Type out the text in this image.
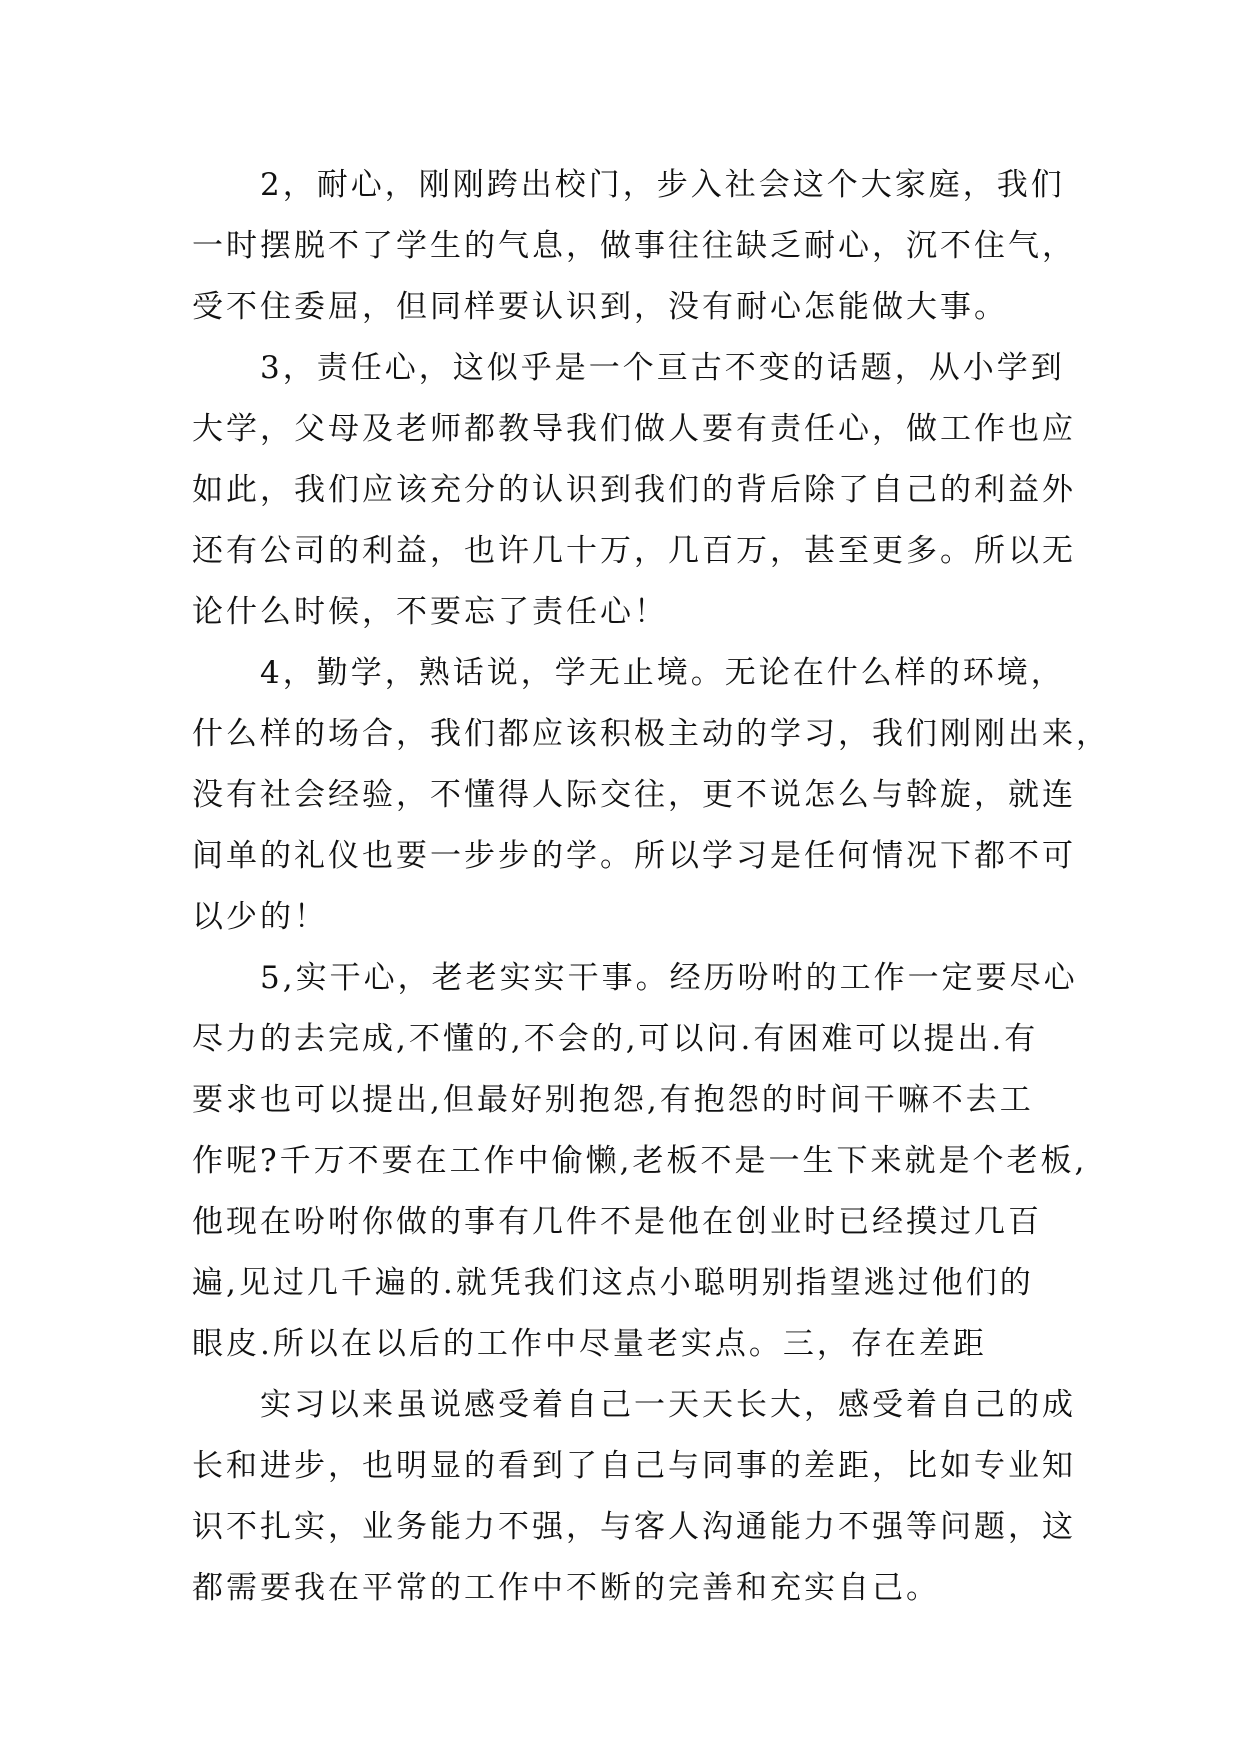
　　2，耐心，刚刚跨出校门，步入社会这个大家庭，我们
一时摆脱不了学生的气息，做事往往缺乏耐心，沉不住气，
受不住委屈，但同样要认识到，没有耐心怎能做大事。

　　3，责任心，这似乎是一个亘古不变的话题，从小学到
大学，父母及老师都教导我们做人要有责任心，做工作也应
如此，我们应该充分的认识到我们的背后除了自己的利益外
还有公司的利益，也许几十万，几百万，甚至更多。所以无
论什么时候，不要忘了责任心！

　　4，勤学，熟话说，学无止境。无论在什么样的环境，
什么样的场合，我们都应该积极主动的学习，我们刚刚出来，
没有社会经验，不懂得人际交往，更不说怎么与斡旋，就连
间单的礼仪也要一步步的学。所以学习是任何情况下都不可
以少的！

　　5,实干心，老老实实干事。经历吩咐的工作一定要尽心
尽力的去完成,不懂的,不会的,可以问.有困难可以提出.有
要求也可以提出,但最好别抱怨,有抱怨的时间干嘛不去工
作呢?千万不要在工作中偷懒,老板不是一生下来就是个老板,
他现在吩咐你做的事有几件不是他在创业时已经摸过几百
遍,见过几千遍的.就凭我们这点小聪明别指望逃过他们的
眼皮.所以在以后的工作中尽量老实点。三，存在差距

　　实习以来虽说感受着自己一天天长大，感受着自己的成
长和进步，也明显的看到了自己与同事的差距，比如专业知
识不扎实，业务能力不强，与客人沟通能力不强等问题，这
都需要我在平常的工作中不断的完善和充实自己。
